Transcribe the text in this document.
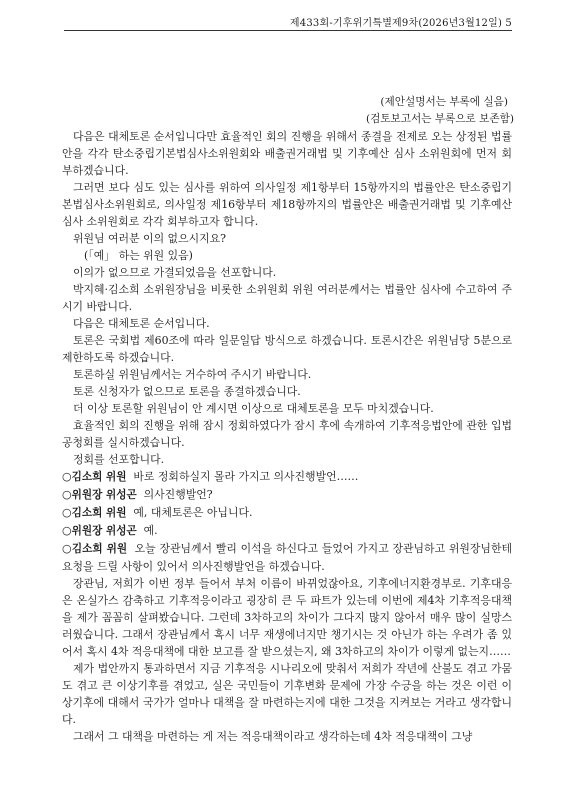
제433회-기후위기특별제9차(2026년3월12일) 5
(제안설명서는 부록에 실음)
(검토보고서는 부록으로 보존함)

다음은 대체토론 순서입니다만 효율적인 회의 진행을 위해서 종결을 전제로 오는 상정된 법률안을 각각 탄소중립기본법심사소위원회와 배출권거래법 및 기후예산 심사 소위원회에 먼저 회부하겠습니다.

그러면 보다 심도 있는 심사를 위하여 의사일정 제1항부터 15항까지의 법률안은 탄소중립기본법심사소위원회로, 의사일정 제16항부터 제18항까지의 법률안은 배출권거래법 및 기후예산 심사 소위원회로 각각 회부하고자 합니다.

위원님 여러분 이의 없으시지요?

(「예」 하는 위원 있음)

이의가 없으므로 가결되었음을 선포합니다.

박지혜·김소희 소위원장님을 비롯한 소위원회 위원 여러분께서는 법률안 심사에 수고하여 주시기 바랍니다.

다음은 대체토론 순서입니다.

토론은 국회법 제60조에 따라 일문일답 방식으로 하겠습니다. 토론시간은 위원님당 5분으로 제한하도록 하겠습니다.

토론하실 위원님께서는 거수하여 주시기 바랍니다.

토론 신청자가 없으므로 토론을 종결하겠습니다.

더 이상 토론할 위원님이 안 계시면 이상으로 대체토론을 모두 마치겠습니다.

효율적인 회의 진행을 위해 잠시 정회하였다가 잠시 후에 속개하여 기후적응법안에 관한 입법공청회를 실시하겠습니다.

정회를 선포합니다.

○김소희 위원 바로 정회하실지 몰라 가지고 의사진행발언……

○위원장 위성곤 의사진행발언?

○김소희 위원 예, 대체토론은 아닙니다.

○위원장 위성곤 예.

○김소희 위원 오늘 장관님께서 빨리 이석을 하신다고 들었어 가지고 장관님하고 위원장님한테 요청을 드릴 사항이 있어서 의사진행발언을 하겠습니다.

장관님, 저희가 이번 정부 들어서 부처 이름이 바뀌었잖아요, 기후에너지환경부로. 기후대응은 온실가스 감축하고 기후적응이라고 굉장히 큰 두 파트가 있는데 이번에 제4차 기후적응대책을 제가 꼼꼼히 살펴봤습니다. 그런데 3차하고의 차이가 그다지 많지 않아서 매우 많이 실망스러웠습니다. 그래서 장관님께서 혹시 너무 재생에너지만 챙기시는 것 아닌가 하는 우려가 좀 있어서 혹시 4차 적응대책에 대한 보고를 잘 받으셨는지, 왜 3차하고의 차이가 이렇게 없는지……

제가 법안까지 통과하면서 지금 기후적응 시나리오에 맞춰서 저희가 작년에 산불도 겪고 가뭄도 겪고 큰 이상기후를 겪었고, 실은 국민들이 기후변화 문제에 가장 수긍을 하는 것은 이런 이상기후에 대해서 국가가 얼마나 대책을 잘 마련하는지에 대한 그것을 지켜보는 거라고 생각합니다.

그래서 그 대책을 마련하는 게 저는 적응대책이라고 생각하는데 4차 적응대책이 그냥
